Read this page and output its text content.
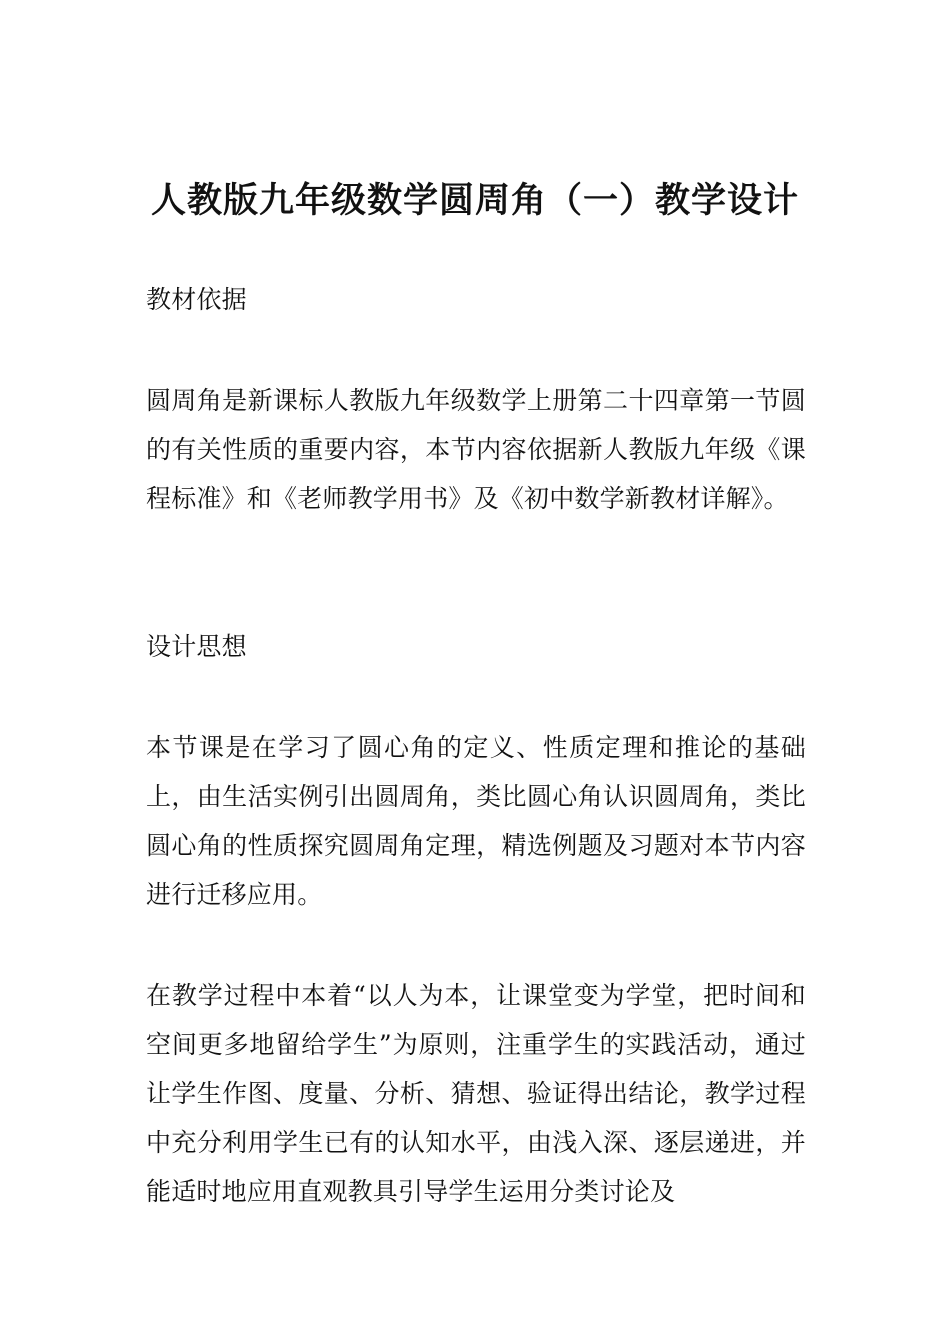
人教版九年级数学圆周角（一）教学设计

教材依据

圆周角是新课标人教版九年级数学上册第二十四章第一节圆的有关性质的重要内容，本节内容依据新人教版九年级《课程标准》和《老师教学用书》及《初中数学新教材详解》。

设计思想

本节课是在学习了圆心角的定义、性质定理和推论的基础上，由生活实例引出圆周角，类比圆心角认识圆周角，类比圆心角的性质探究圆周角定理，精选例题及习题对本节内容进行迁移应用。

在教学过程中本着“以人为本，让课堂变为学堂，把时间和空间更多地留给学生”为原则，注重学生的实践活动，通过让学生作图、度量、分析、猜想、验证得出结论，教学过程中充分利用学生已有的认知水平，由浅入深、逐层递进，并能适时地应用直观教具引导学生运用分类讨论及
